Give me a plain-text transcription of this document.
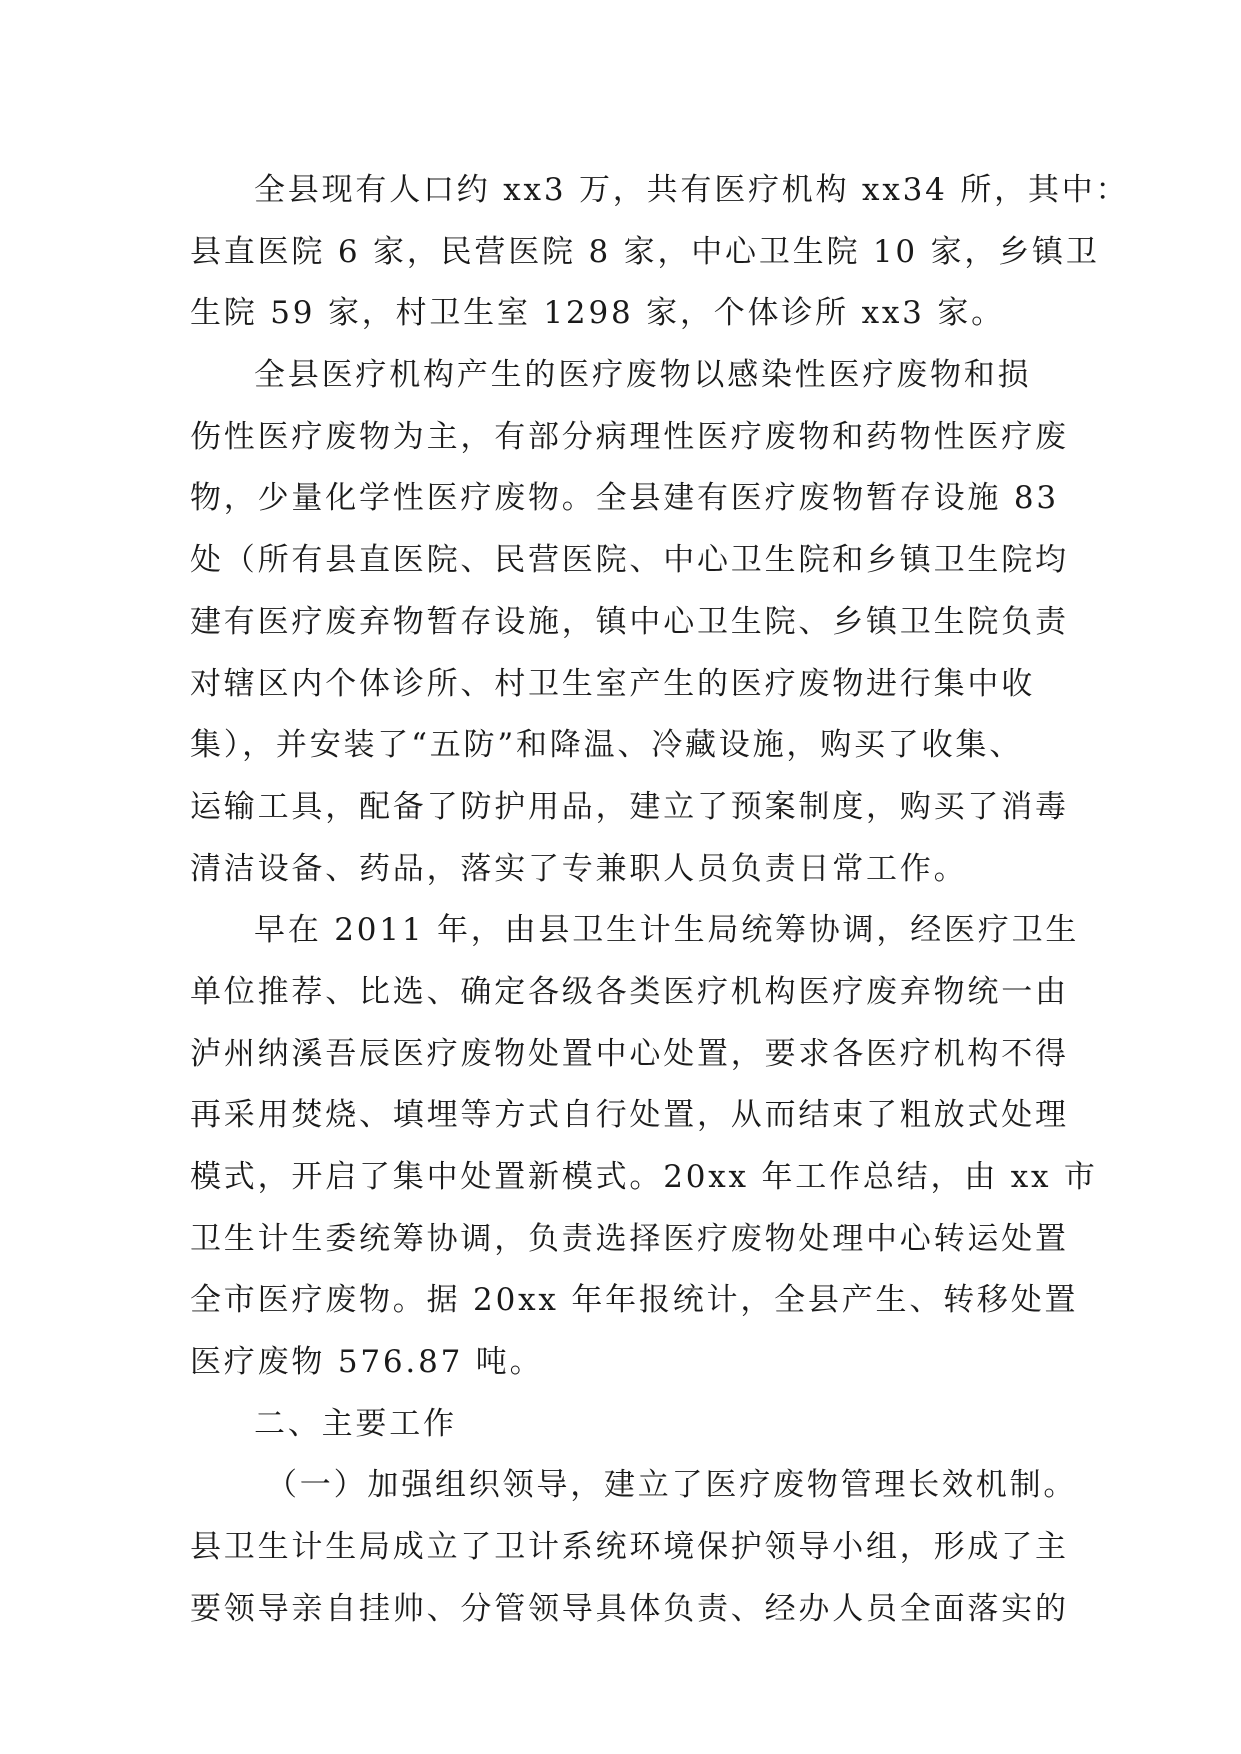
全县现有人口约 xx3 万，共有医疗机构 xx34 所，其中：
县直医院 6 家，民营医院 8 家，中心卫生院 10 家，乡镇卫
生院 59 家，村卫生室 1298 家，个体诊所 xx3 家。
全县医疗机构产生的医疗废物以感染性医疗废物和损
伤性医疗废物为主，有部分病理性医疗废物和药物性医疗废
物，少量化学性医疗废物。全县建有医疗废物暂存设施 83
处（所有县直医院、民营医院、中心卫生院和乡镇卫生院均
建有医疗废弃物暂存设施，镇中心卫生院、乡镇卫生院负责
对辖区内个体诊所、村卫生室产生的医疗废物进行集中收
集），并安装了“五防”和降温、冷藏设施，购买了收集、
运输工具，配备了防护用品，建立了预案制度，购买了消毒
清洁设备、药品，落实了专兼职人员负责日常工作。
早在 2011 年，由县卫生计生局统筹协调，经医疗卫生
单位推荐、比选、确定各级各类医疗机构医疗废弃物统一由
泸州纳溪吾辰医疗废物处置中心处置，要求各医疗机构不得
再采用焚烧、填埋等方式自行处置，从而结束了粗放式处理
模式，开启了集中处置新模式。20xx 年工作总结，由 xx 市
卫生计生委统筹协调，负责选择医疗废物处理中心转运处置
全市医疗废物。据 20xx 年年报统计，全县产生、转移处置
医疗废物 576.87 吨。
二、主要工作
（一）加强组织领导，建立了医疗废物管理长效机制。
县卫生计生局成立了卫计系统环境保护领导小组，形成了主
要领导亲自挂帅、分管领导具体负责、经办人员全面落实的
